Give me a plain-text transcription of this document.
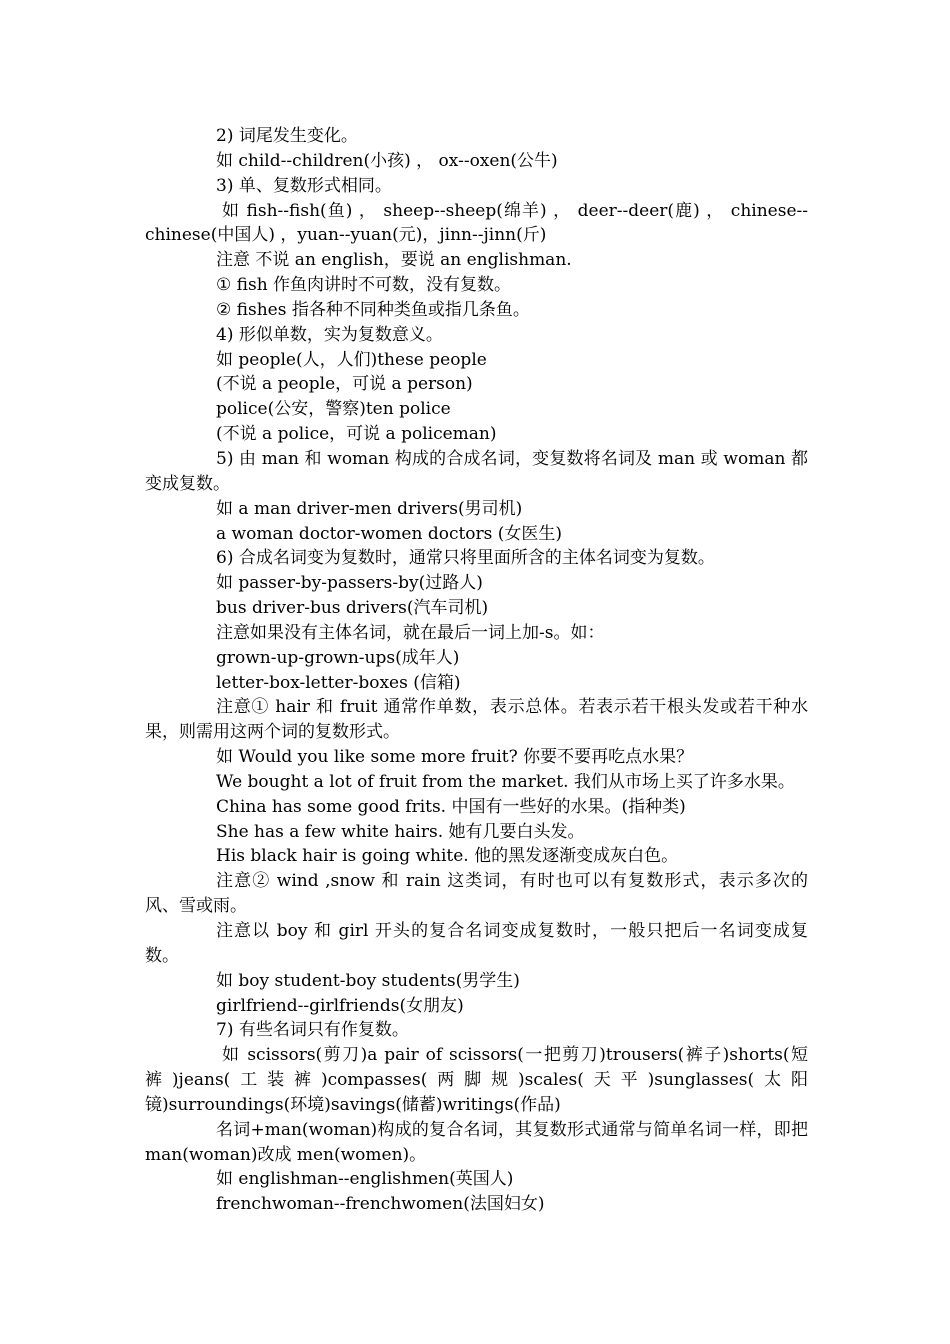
2) 词尾发生变化。
如 child--children(小孩) ， ox--oxen(公牛)
3) 单、复数形式相同。

如 fish--fish(鱼) ， sheep--sheep(绵羊) ， deer--deer(鹿) ， chinese--chinese(中国人) ，yuan--yuan(元)，jinn--jinn(斤)

注意 不说 an english，要说 an englishman.
① fish 作鱼肉讲时不可数，没有复数。
② fishes 指各种不同种类鱼或指几条鱼。
4) 形似单数，实为复数意义。
如 people(人，人们)these people
(不说 a people，可说 a person)
police(公安，警察)ten police
(不说 a police，可说 a policeman)

5) 由 man 和 woman 构成的合成名词，变复数将名词及 man 或 woman 都变成复数。

如 a man driver-men drivers(男司机)
a woman doctor-women doctors (女医生)
6) 合成名词变为复数时，通常只将里面所含的主体名词变为复数。
如 passer-by-passers-by(过路人)
bus driver-bus drivers(汽车司机)
注意如果没有主体名词，就在最后一词上加-s。如：
grown-up-grown-ups(成年人)
letter-box-letter-boxes (信箱)

注意① hair 和 fruit 通常作单数，表示总体。若表示若干根头发或若干种水果，则需用这两个词的复数形式。

如 Would you like some more fruit? 你要不要再吃点水果？
We bought a lot of fruit from the market. 我们从市场上买了许多水果。
China has some good frits. 中国有一些好的水果。(指种类)
She has a few white hairs. 她有几要白头发。
His black hair is going white. 他的黑发逐渐变成灰白色。

注意② wind ,snow 和 rain 这类词，有时也可以有复数形式，表示多次的风、雪或雨。

注意以 boy 和 girl 开头的复合名词变成复数时，一般只把后一名词变成复数。

如 boy student-boy students(男学生)
girlfriend--girlfriends(女朋友)
7) 有些名词只有作复数。

如 scissors(剪刀)a pair of scissors(一把剪刀)trousers(裤子)shorts(短裤)jeans(工装裤)compasses(两脚规)scales(天平)sunglasses(太阳镜)surroundings(环境)savings(储蓄)writings(作品)

名词+man(woman)构成的复合名词，其复数形式通常与简单名词一样，即把 man(woman)改成 men(women)。

如 englishman--englishmen(英国人)
frenchwoman--frenchwomen(法国妇女)
